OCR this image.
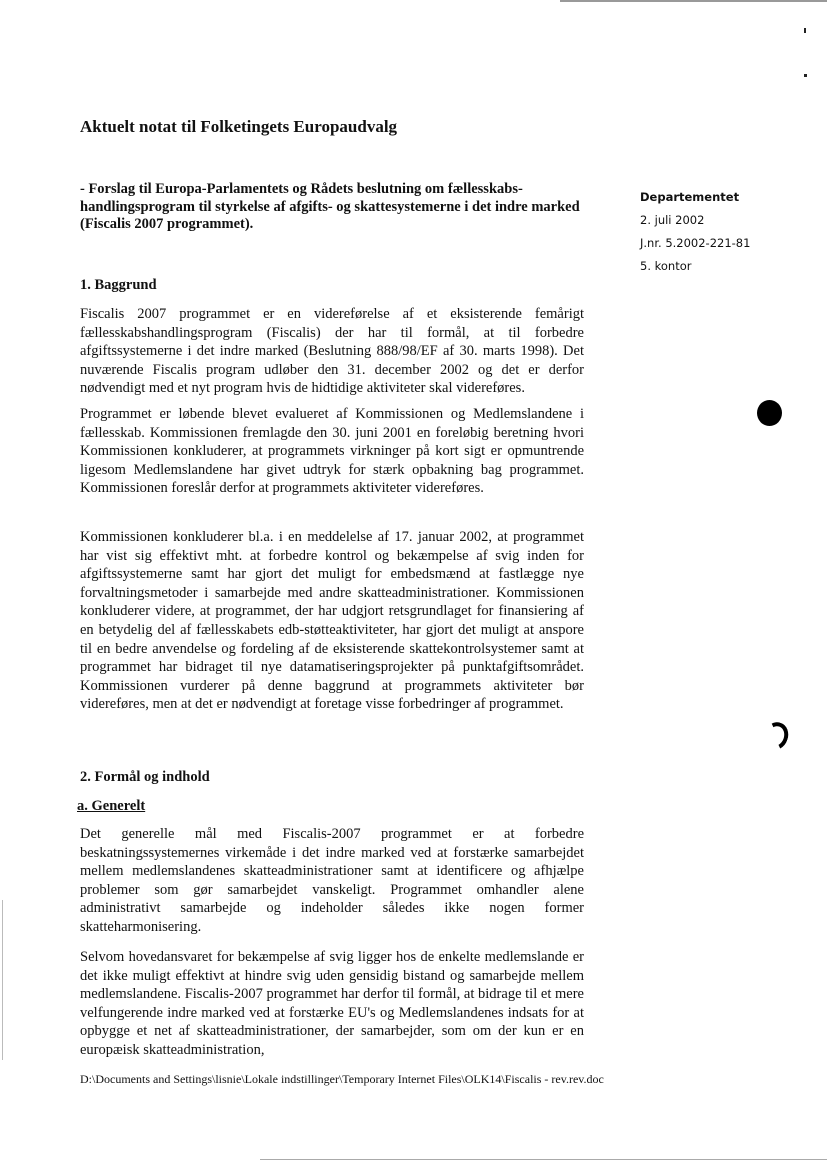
Aktuelt notat til Folketingets Europaudvalg

- Forslag til Europa-Parlamentets og Rådets beslutning om fællesskabs-handlingsprogram til styrkelse af afgifts- og skattesystemerne i det indre marked (Fiscalis 2007 programmet).

Departementet
2. juli 2002
J.nr. 5.2002-221-81
5. kontor
1. Baggrund

Fiscalis 2007 programmet er en videreførelse af et eksisterende femårigt fællesskabshandlingsprogram (Fiscalis) der har til formål, at til forbedre afgiftssystemerne i det indre marked (Beslutning 888/98/EF af 30. marts 1998). Det nuværende Fiscalis program udløber den 31. december 2002 og det er derfor nødvendigt med et nyt program hvis de hidtidige aktiviteter skal videreføres.

Programmet er løbende blevet evalueret af Kommissionen og Medlemslandene i fællesskab. Kommissionen fremlagde den 30. juni 2001 en foreløbig beretning hvori Kommissionen konkluderer, at programmets virkninger på kort sigt er opmuntrende ligesom Medlemslandene har givet udtryk for stærk opbakning bag programmet. Kommissionen foreslår derfor at programmets aktiviteter videreføres.

Kommissionen konkluderer bl.a. i en meddelelse af 17. januar 2002, at programmet har vist sig effektivt mht. at forbedre kontrol og bekæmpelse af svig inden for afgiftssystemerne samt har gjort det muligt for embedsmænd at fastlægge nye forvaltningsmetoder i samarbejde med andre skatteadministrationer. Kommissionen konkluderer videre, at programmet, der har udgjort retsgrundlaget for finansiering af en betydelig del af fællesskabets edb-støtteaktiviteter, har gjort det muligt at anspore til en bedre anvendelse og fordeling af de eksisterende skattekontrolsystemer samt at programmet har bidraget til nye datamatiseringsprojekter på punktafgiftsområdet. Kommissionen vurderer på denne baggrund at programmets aktiviteter bør videreføres, men at det er nødvendigt at foretage visse forbedringer af programmet.

2. Formål og indhold
a. Generelt

Det generelle mål med Fiscalis-2007 programmet er at forbedre beskatningssystemernes virkemåde i det indre marked ved at forstærke samarbejdet mellem medlemslandenes skatteadministrationer samt at identificere og afhjælpe problemer som gør samarbejdet vanskeligt. Programmet omhandler alene administrativt samarbejde og indeholder således ikke nogen former skatteharmonisering.

Selvom hovedansvaret for bekæmpelse af svig ligger hos de enkelte medlemslande er det ikke muligt effektivt at hindre svig uden gensidig bistand og samarbejde mellem medlemslandene. Fiscalis-2007 programmet har derfor til formål, at bidrage til et mere velfungerende indre marked ved at forstærke EU's og Medlemslandenes indsats for at opbygge et net af skatteadministrationer, der samarbejder, som om der kun er en europæisk skatteadministration,

D:\Documents and Settings\lisnie\Lokale indstillinger\Temporary Internet Files\OLK14\Fiscalis - rev.rev.doc
